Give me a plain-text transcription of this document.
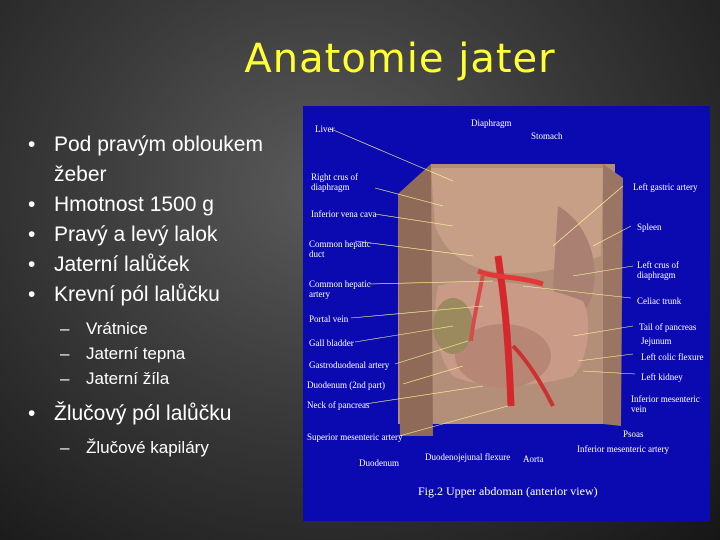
Anatomie jater
• Pod pravým obloukem žeber
• Hmotnost 1500 g
• Pravý a levý lalok
• Jaterní lalůček
• Krevní pól lalůčku
– Vrátnice
– Jaterní tepna
– Jaterní žíla
• Žlučový pól lalůčku
– Žlučové kapiláry
Diaphragm
Stomach
Liver
Right crus of diaphragm
Inferior vena cava
Common hepatic duct
Common hepatic artery
Portal vein
Gall bladder
Gastroduodenal artery
Duodenum (2nd part)
Neck of pancreas
Superior mesenteric artery
Duodenum
Left gastric artery
Spleen
Left crus of diaphragm
Celiac trunk
Tail of pancreas
Jejunum
Left colic flexure
Left kidney
Inferior mesenteric vein
Psoas
Inferior mesenteric artery
Duodenojejunal flexure Aorta
Fig.2 Upper abdoman (anterior view)
